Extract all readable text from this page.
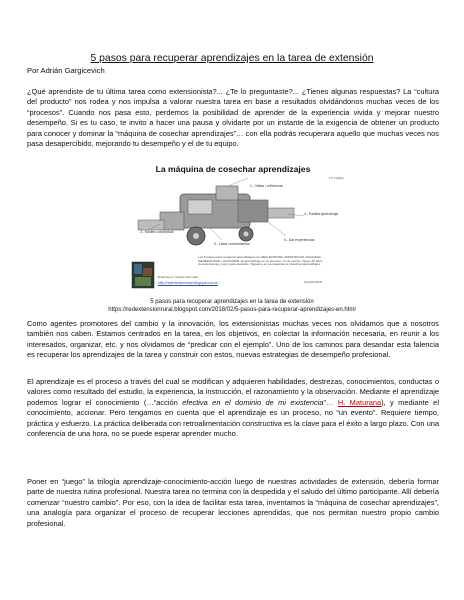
5 pasos para recuperar aprendizajes en la tarea de extensión
Por Adrián Gargicevich

¿Qué aprendiste de tu última tarea como extensionista?... ¿Te lo preguntaste?... ¿Tienes algunas respuestas? La “cultura del producto” nos rodea y nos impulsa a valorar nuestra tarea en base a resultados olvidándonos muchas veces de los “procesos”. Cuando nos pasa esto, perdemos la posibilidad de aprender de la experiencia vivida y mejorar nuestro desempeño. Si es tu caso, te invito a hacer una pausa y olvidarte por un instante de la exigencia de obtener un producto para conocer y dominar la “máquina de cosechar aprendizajes”… con ella podrás recuperara aquello que muchas veces nos pasa desapercibido, mejorando tu desempeño y el de tu equipo.

La máquina de cosechar aprendizajes
en equipo
1.- Visitar / reflexionar
4.- Pastilla aprendizaje
2.- Modelo conceptual
3.- Listar conocimientos
5.- Dar experiencias
Los 5 pasos para recuperar aprendizajes son REFLEXIONAR, IDENTIFICAR, ANALIZAR, GENERALIZAR y ACCIONAR. El aprendizaje es un proceso, no un evento. Tengo 30 años de experiencia y estoy para ayudarte. Sígueme en La máquina de cosechar aprendizajes.
Entérate en nuestro sitio web
http://redextensionrural.blogspot.com.ar	Sep 09 2018
5 pasos para recuperar aprendizajes en la tarea de extensión
https://redextensionrural.blogspot.com/2018/02/5-pasos-para-recuperar-aprendizajes-en.html

Como agentes promotores del cambio y la innovación, los extensionistas muchas veces nos olvidamos que a nosotros también nos caben. Estamos centrados en la tarea, en los objetivos, en colectar la información necesaria, en reunir a los interesados, organizar, etc. y nos olvidamos de “predicar con el ejemplo”. Uno de los caminos para desandar esta falencia es recuperar los aprendizajes de la tarea y construir con estos, nuevas estrategias de desempeño profesional.

El aprendizaje es el proceso a través del cual se modifican y adquieren habilidades, destrezas, conocimientos, conductas o valores como resultado del estudio, la experiencia, la instrucción, el razonamiento y la observación. Mediante el aprendizaje podemos lograr el conocimiento (…“acción efectiva en el dominio de mi existencia”… H. Maturana), y mediante el conocimiento, accionar. Pero tengamos en cuenta que el aprendizaje es un proceso, no “un evento”. Requiere tiempo, práctica y esfuerzo. La práctica deliberada con retroalimentación constructiva es la clave para el éxito a largo plazo. Con una conferencia de una hora, no se puede esperar aprender mucho.

Poner en “juego” la trilogía aprendizaje-conocimiento-acción luego de nuestras actividades de extensión, debería formar parte de nuestra rutina profesional. Nuestra tarea no termina con la despedida y el saludo del último participante. Allí debería comenzar “nuestro cambio”. Por eso, con la idea de facilitar esta tarea, inventamos la “máquina de cosechar aprendizajes”, una analogía para organizar el proceso de recuperar lecciones aprendidas, que nos permitan nuestro propio cambio profesional.
